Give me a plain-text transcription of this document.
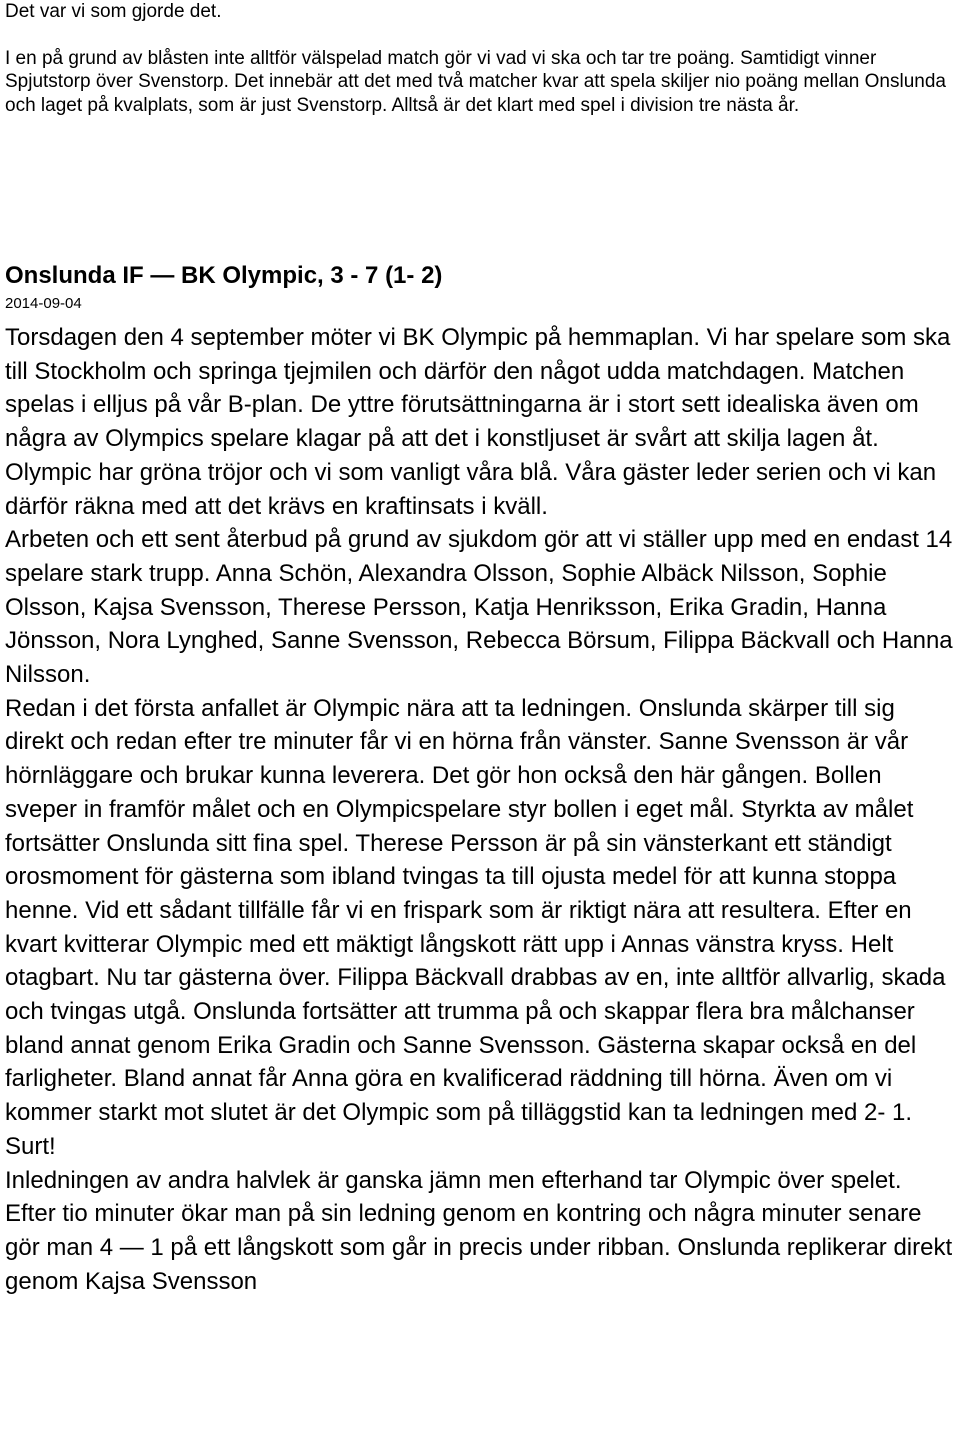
Det var vi som gjorde det.

I en på grund av blåsten inte alltför välspelad match gör vi vad vi ska och tar tre poäng. Samtidigt vinner Spjutstorp över Svenstorp. Det innebär att det med två matcher kvar att spela skiljer nio poäng mellan Onslunda och laget på kvalplats, som är just Svenstorp. Alltså är det klart med spel i division tre nästa år.

Onslunda IF — BK Olympic, 3 - 7 (1- 2)
2014-09-04

Torsdagen den 4 september möter vi BK Olympic på hemmaplan. Vi har spelare som ska till Stockholm och springa tjejmilen och därför den något udda matchdagen. Matchen spelas i elljus på vår B-plan. De yttre förutsättningarna är i stort sett idealiska även om några av Olympics spelare klagar på att det i konstljuset är svårt att skilja lagen åt. Olympic har gröna tröjor och vi som vanligt våra blå. Våra gäster leder serien och vi kan därför räkna med att det krävs en kraftinsats i kväll.

Arbeten och ett sent återbud på grund av sjukdom gör att vi ställer upp med en endast 14 spelare stark trupp. Anna Schön, Alexandra Olsson, Sophie Albäck Nilsson, Sophie Olsson, Kajsa Svensson, Therese Persson, Katja Henriksson, Erika Gradin, Hanna Jönsson, Nora Lynghed, Sanne Svensson, Rebecca Börsum, Filippa Bäckvall och Hanna Nilsson.

Redan i det första anfallet är Olympic nära att ta ledningen. Onslunda skärper till sig direkt och redan efter tre minuter får vi en hörna från vänster. Sanne Svensson är vår hörnläggare och brukar kunna leverera. Det gör hon också den här gången. Bollen sveper in framför målet och en Olympicspelare styr bollen i eget mål. Styrkta av målet fortsätter Onslunda sitt fina spel. Therese Persson är på sin vänsterkant ett ständigt orosmoment för gästerna som ibland tvingas ta till ojusta medel för att kunna stoppa henne. Vid ett sådant tillfälle får vi en frispark som är riktigt nära att resultera. Efter en kvart kvitterar Olympic med ett mäktigt långskott rätt upp i Annas vänstra kryss. Helt otagbart. Nu tar gästerna över. Filippa Bäckvall drabbas av en, inte alltför allvarlig, skada och tvingas utgå. Onslunda fortsätter att trumma på och skappar flera bra målchanser bland annat genom Erika Gradin och Sanne Svensson. Gästerna skapar också en del farligheter. Bland annat får Anna göra en kvalificerad räddning till hörna. Även om vi kommer starkt mot slutet är det Olympic som på tilläggstid kan ta ledningen med 2- 1. Surt!

Inledningen av andra halvlek är ganska jämn men efterhand tar Olympic över spelet. Efter tio minuter ökar man på sin ledning genom en kontring och några minuter senare gör man 4 — 1 på ett långskott som går in precis under ribban. Onslunda replikerar direkt genom Kajsa Svensson
